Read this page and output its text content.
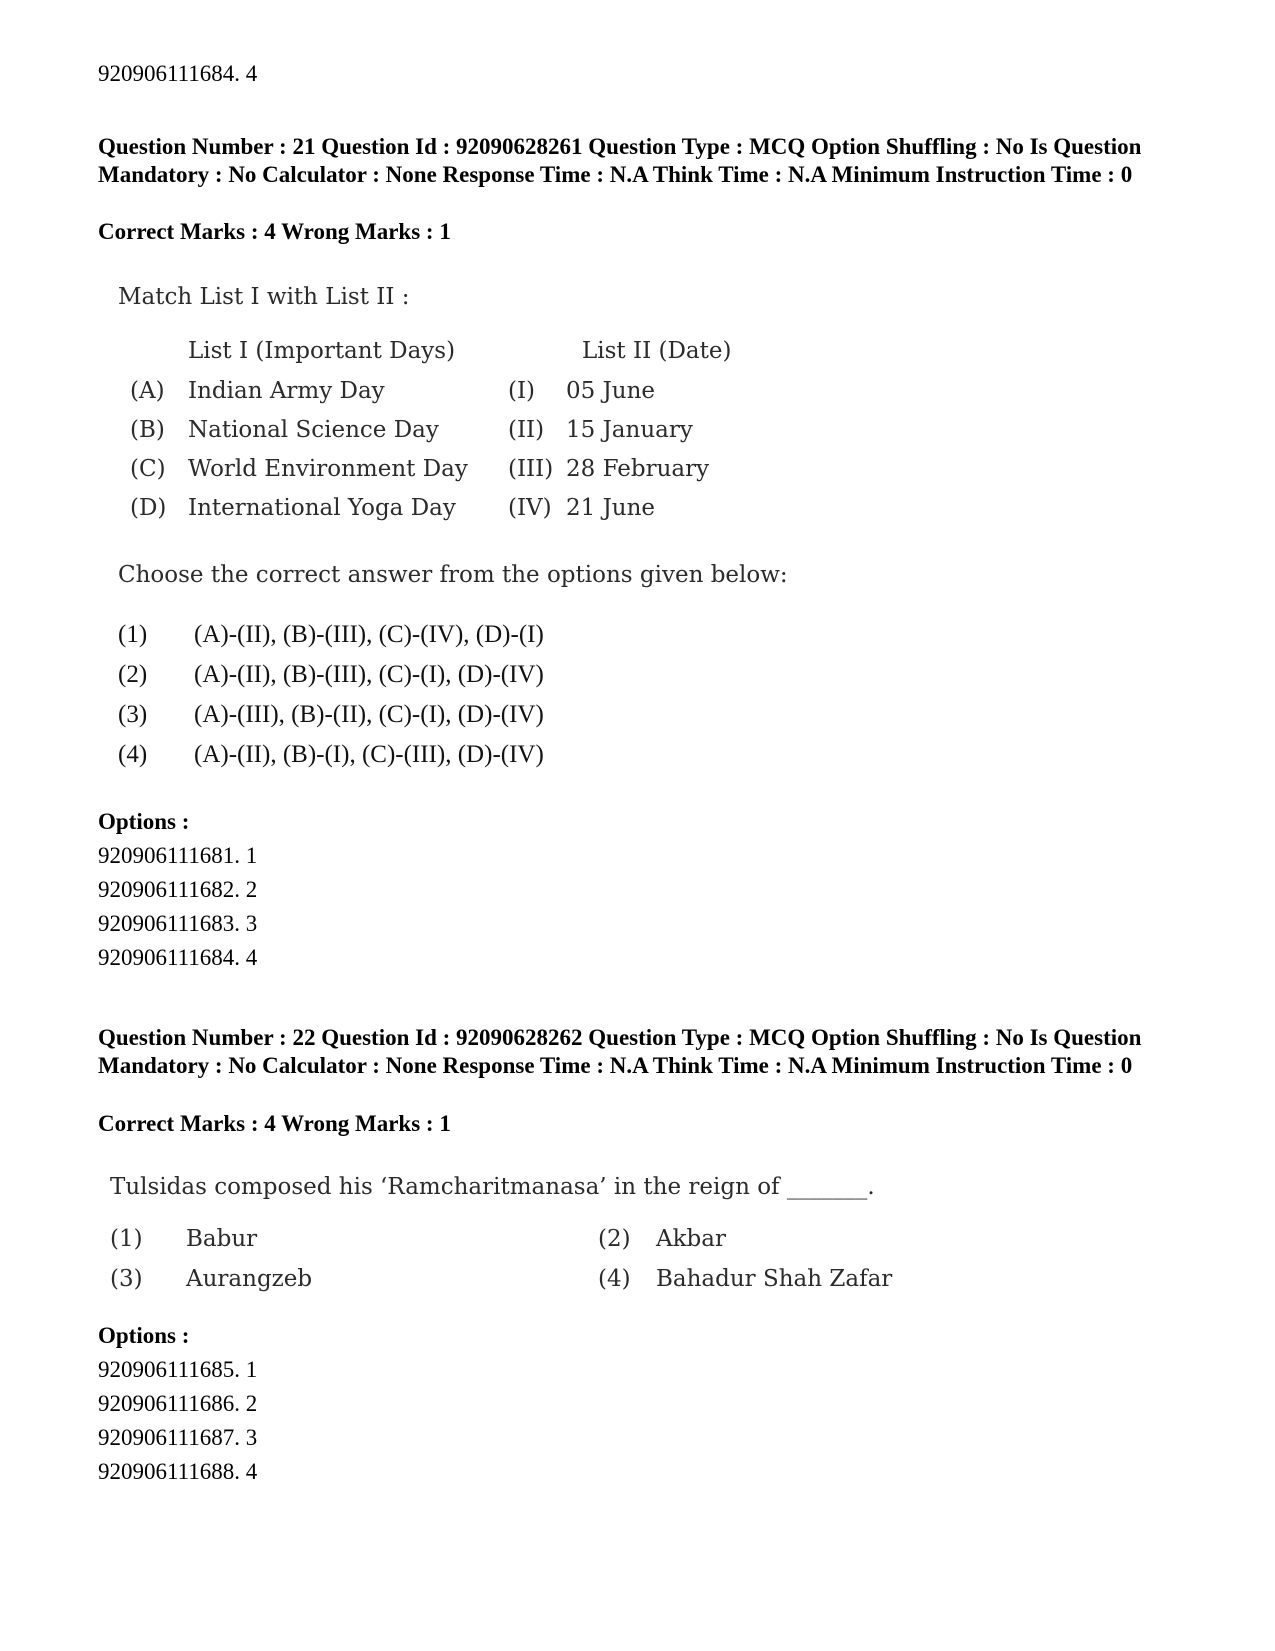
920906111684. 4
Question Number : 21 Question Id : 92090628261 Question Type : MCQ Option Shuffling : No Is Question Mandatory : No Calculator : None Response Time : N.A Think Time : N.A Minimum Instruction Time : 0
Correct Marks : 4 Wrong Marks : 1
Match List I with List II :
List I (Important Days)	List II (Date)
(A) Indian Army Day	(I) 05 June
(B) National Science Day	(II) 15 January
(C) World Environment Day (III) 28 February
(D) International Yoga Day (IV) 21 June
Choose the correct answer from the options given below:
(1) (A)-(II), (B)-(III), (C)-(IV), (D)-(I)
(2) (A)-(II), (B)-(III), (C)-(I), (D)-(IV)
(3) (A)-(III), (B)-(II), (C)-(I), (D)-(IV)
(4) (A)-(II), (B)-(I), (C)-(III), (D)-(IV)
Options :
920906111681. 1
920906111682. 2
920906111683. 3
920906111684. 4
Question Number : 22 Question Id : 92090628262 Question Type : MCQ Option Shuffling : No Is Question Mandatory : No Calculator : None Response Time : N.A Think Time : N.A Minimum Instruction Time : 0
Correct Marks : 4 Wrong Marks : 1
Tulsidas composed his ‘Ramcharitmanasa’ in the reign of _______.
(1) Babur	(2) Akbar
(3) Aurangzeb	(4) Bahadur Shah Zafar
Options :
920906111685. 1
920906111686. 2
920906111687. 3
920906111688. 4
